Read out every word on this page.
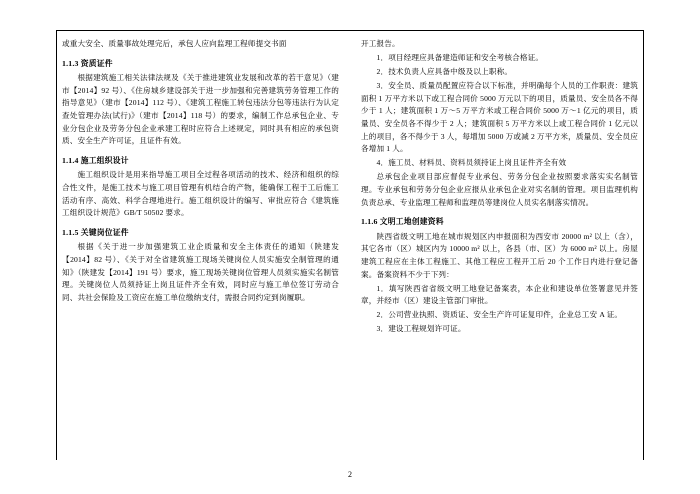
或重大安全、质量事故处理完后，承包人应向监理工程师提交书面

1.1.3 资质证件

根据建筑施工相关法律法规及《关于推进建筑业发展和改革的若干意见》（建市【2014】92 号）、《住房城乡建设部关于进一步加强和完善建筑劳务管理工作的指导意见》（建市【2014】112 号）、《建筑工程施工转包违法分包等违法行为认定查处管理办法(试行)》（建市【2014】118 号）的要求，编制工作总承包企业、专业分包企业及劳务分包企业承建工程时应符合上述规定，同时具有相应的承包资质、安全生产许可证，且证件有效。

1.1.4 施工组织设计

施工组织设计是用来指导施工项目全过程各项活动的技术、经济和组织的综合性文件，是施工技术与施工项目管理有机结合的产物，能确保工程于工后施工活动有序、高效、科学合理地进行。施工组织设计的编写、审批应符合《建筑施工组织设计规范》GB/T 50502 要求。

1.1.5 关键岗位证件

根据《关于进一步加强建筑工业企质量和安全主体责任的通知（陕建发【2014】82 号）、《关于对全省建筑施工现场关键岗位人员实施安全制管理的通知》（陕建发【2014】191 号）要求，施工现场关键岗位管理人员须实施实名制管理。关键岗位人员须持证上岗且证件齐全有效，同时应与施工单位签订劳动合同、共社会保险及工资应在施工单位缴纳支付，需报合同约定到岗履职。

开工报告。

1．项目经理应具备建造师证和安全考核合格证。

2．技术负责人应具备中级及以上职称。

3．安全员、质量员配置应符合以下标准，并明确每个人员的工作职责：建筑面积 1 万平方米以下或工程合同价 5000 万元以下的项目，质量员、安全员各不得少于 1 人；建筑面积 1 万～5 万平方米或工程合同价 5000 万～1 亿元的项目，质量员、安全员各不得少于 2 人；建筑面积 5 万平方米以上或工程合同价 1 亿元以上的项目，各不得少于 3 人，每增加 5000 万或减 2 万平方米，质量员、安全员应各增加 1 人。

4．施工员、材料员、资料员须持证上岗且证件齐全有效

总承包企业项目部应督促专业承包、劳务分包企业按照要求落实实名制管理。专业承包和劳务分包企业应报从业承包企业对实名制的管理。项目监理机构负责总承、专业监理工程师和监理员等建岗位人员实名制落实情况。

1.1.6 文明工地创建资料

陕西省级文明工地在城市规划区内申报面积为西安市 20000 m² 以上（含），其它各市（区）城区内为 10000 m² 以上，各县（市、区）为 6000 m² 以上。房屋建筑工程应在主体工程施工、其他工程应工程开工后 20 个工作日内进行登记备案。备案资料不少于下列：

1．填写陕西省省级文明工地登记备案表，本企业和建设单位签署意见并签章，并经市（区）建设主管部门审批。

2．公司营业执照、资质证、安全生产许可证复印件，企业总工安 A 证。

3．建设工程规划许可证。

2
